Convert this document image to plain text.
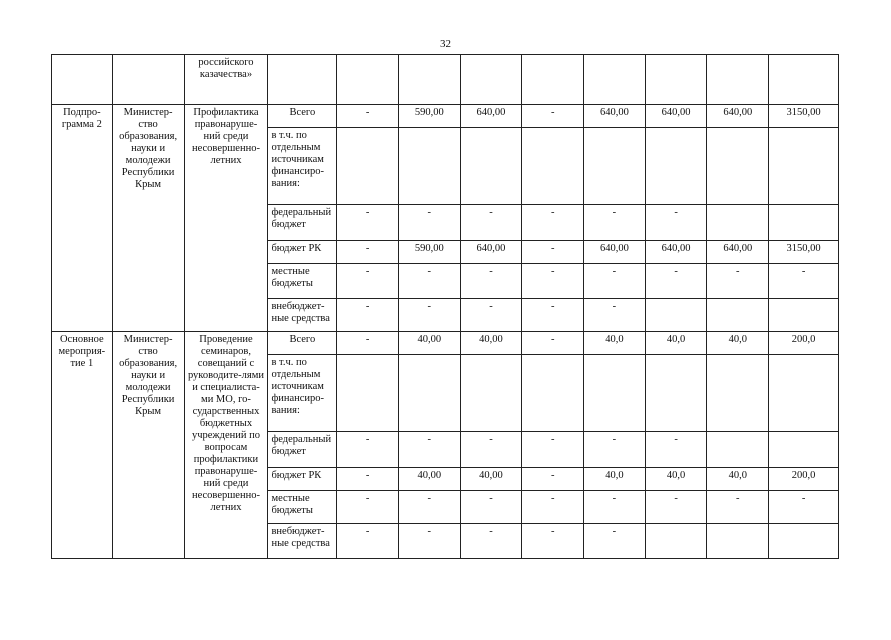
32
		российского казачества»									
Подпро-грамма 2	Министер-ство образования, науки и молодежи Республики Крым	Профилактика правонаруше-ний среди несовершенно-летних	Всего	-	590,00	640,00	-	640,00	640,00	640,00	3150,00
			в т.ч. по отдельным источникам финансиро-вания:								
			федеральный бюджет	-	-	-	-	-	-		
			бюджет РК	-	590,00	640,00	-	640,00	640,00	640,00	3150,00
			местные бюджеты	-	-	-	-	-	-	-	-
			внебюджет-ные средства	-	-	-	-	-			
Основное мероприя-тие 1	Министер-ство образования, науки и молодежи Республики Крым	Проведение семинаров, совещаний с руководите-лями и специалиста-ми МО, го-сударственных бюджетных учреждений по вопросам профилактики правонаруше-ний среди несовершенно-летних	Всего	-	40,00	40,00	-	40,0	40,0	40,0	200,0
			в т.ч. по отдельным источникам финансиро-вания:								
			федеральный бюджет	-	-	-	-	-	-		
			бюджет РК	-	40,00	40,00	-	40,0	40,0	40,0	200,0
			местные бюджеты	-	-	-	-	-	-	-	-
			внебюджет-ные средства	-	-	-	-	-			
